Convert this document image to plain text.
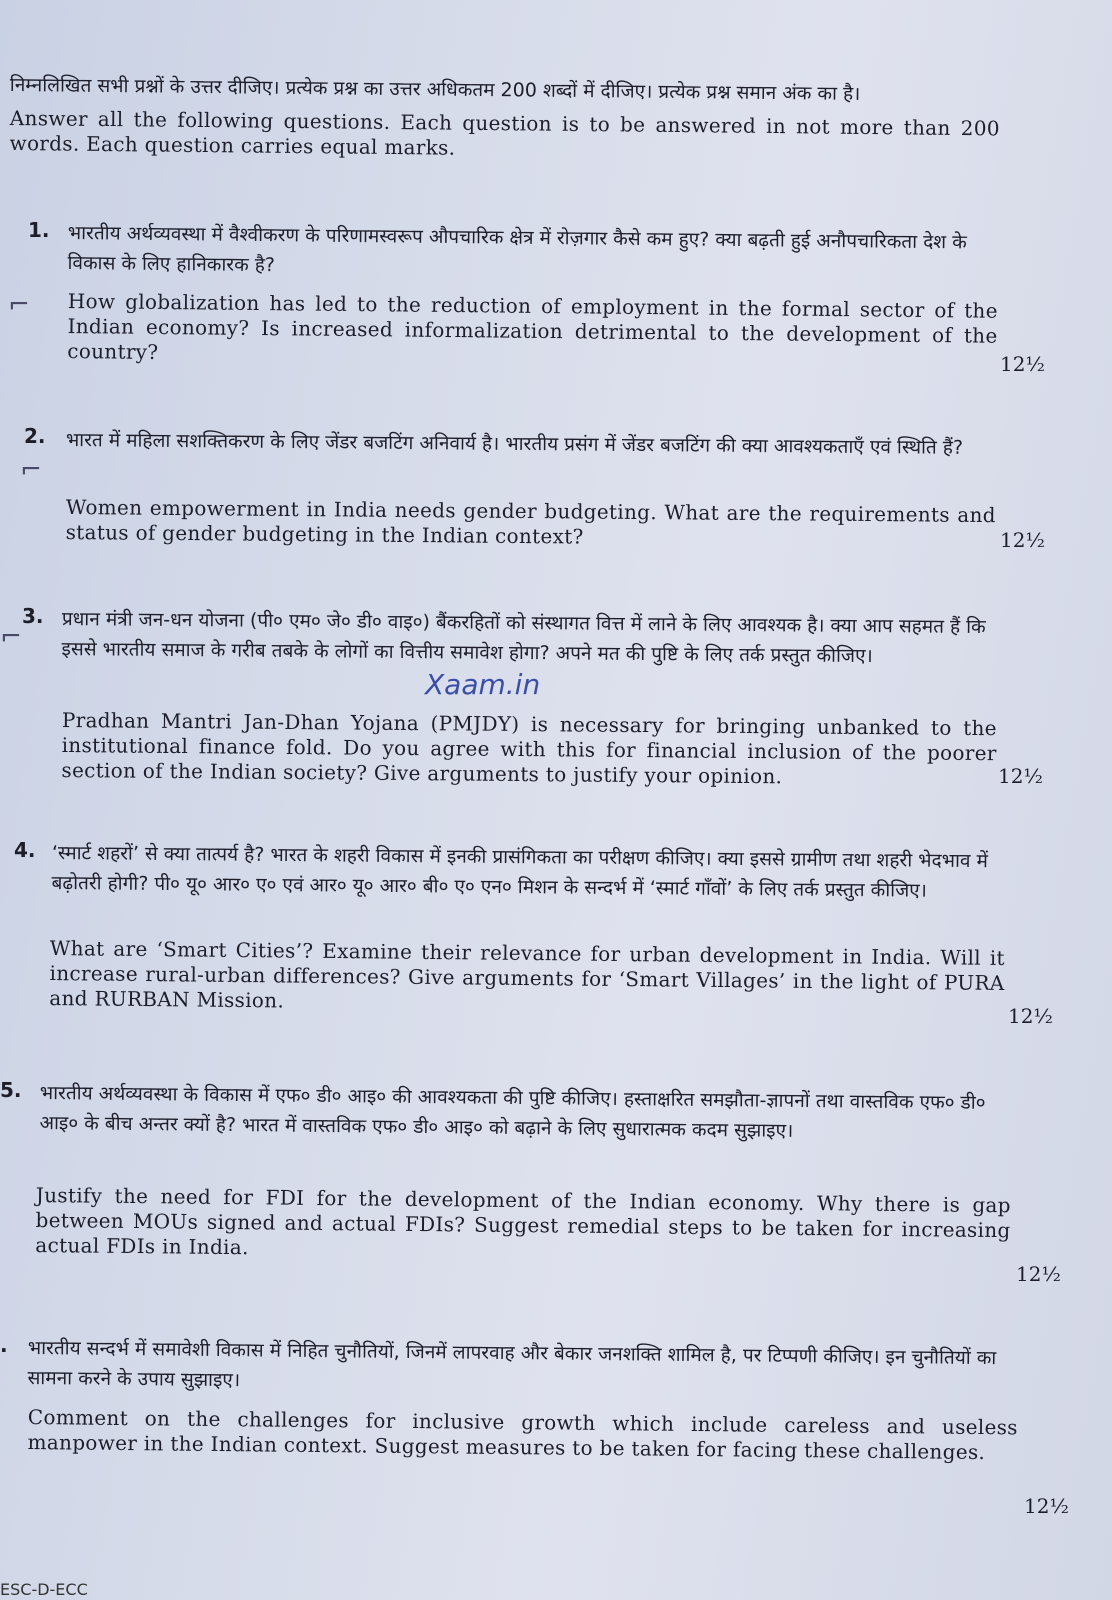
निम्नलिखित सभी प्रश्नों के उत्तर दीजिए। प्रत्येक प्रश्न का उत्तर अधिकतम 200 शब्दों में दीजिए। प्रत्येक प्रश्न समान अंक का है।
Answer all the following questions. Each question is to be answered in not more than 200 words. Each question carries equal marks.
1. भारतीय अर्थव्यवस्था में वैश्वीकरण के परिणामस्वरूप औपचारिक क्षेत्र में रोज़गार कैसे कम हुए? क्या बढ़ती हुई अनौपचारिकता देश के विकास के लिए हानिकारक है?
How globalization has led to the reduction of employment in the formal sector of the Indian economy? Is increased informalization detrimental to the development of the country?
12½
2. भारत में महिला सशक्तिकरण के लिए जेंडर बजटिंग अनिवार्य है। भारतीय प्रसंग में जेंडर बजटिंग की क्या आवश्यकताएँ एवं स्थिति हैं?
Women empowerment in India needs gender budgeting. What are the requirements and status of gender budgeting in the Indian context?	12½
3. प्रधान मंत्री जन-धन योजना (पी० एम० जे० डी० वाइ०) बैंकरहितों को संस्थागत वित्त में लाने के लिए आवश्यक है। क्या आप सहमत हैं कि इससे भारतीय समाज के गरीब तबके के लोगों का वित्तीय समावेश होगा? अपने मत की पुष्टि के लिए तर्क प्रस्तुत कीजिए।
Xaam.in
Pradhan Mantri Jan-Dhan Yojana (PMJDY) is necessary for bringing unbanked to the institutional finance fold. Do you agree with this for financial inclusion of the poorer section of the Indian society? Give arguments to justify your opinion.	12½
4. ‘स्मार्ट शहरों’ से क्या तात्पर्य है? भारत के शहरी विकास में इनकी प्रासंगिकता का परीक्षण कीजिए। क्या इससे ग्रामीण तथा शहरी भेदभाव में बढ़ोतरी होगी? पी० यू० आर० ए० एवं आर० यू० आर० बी० ए० एन० मिशन के सन्दर्भ में ‘स्मार्ट गाँवों’ के लिए तर्क प्रस्तुत कीजिए।
What are ‘Smart Cities’? Examine their relevance for urban development in India. Will it increase rural-urban differences? Give arguments for ‘Smart Villages’ in the light of PURA and RURBAN Mission.
12½
5. भारतीय अर्थव्यवस्था के विकास में एफ० डी० आइ० की आवश्यकता की पुष्टि कीजिए। हस्ताक्षरित समझौता-ज्ञापनों तथा वास्तविक एफ० डी० आइ० के बीच अन्तर क्यों है? भारत में वास्तविक एफ० डी० आइ० को बढ़ाने के लिए सुधारात्मक कदम सुझाइए।
Justify the need for FDI for the development of the Indian economy. Why there is gap between MOUs signed and actual FDIs? Suggest remedial steps to be taken for increasing actual FDIs in India.
12½
. भारतीय सन्दर्भ में समावेशी विकास में निहित चुनौतियों, जिनमें लापरवाह और बेकार जनशक्ति शामिल है, पर टिप्पणी कीजिए। इन चुनौतियों का सामना करने के उपाय सुझाइए।
Comment on the challenges for inclusive growth which include careless and useless manpower in the Indian context. Suggest measures to be taken for facing these challenges.
12½
⌐
⌐
⌐
ESC-D-ECC
